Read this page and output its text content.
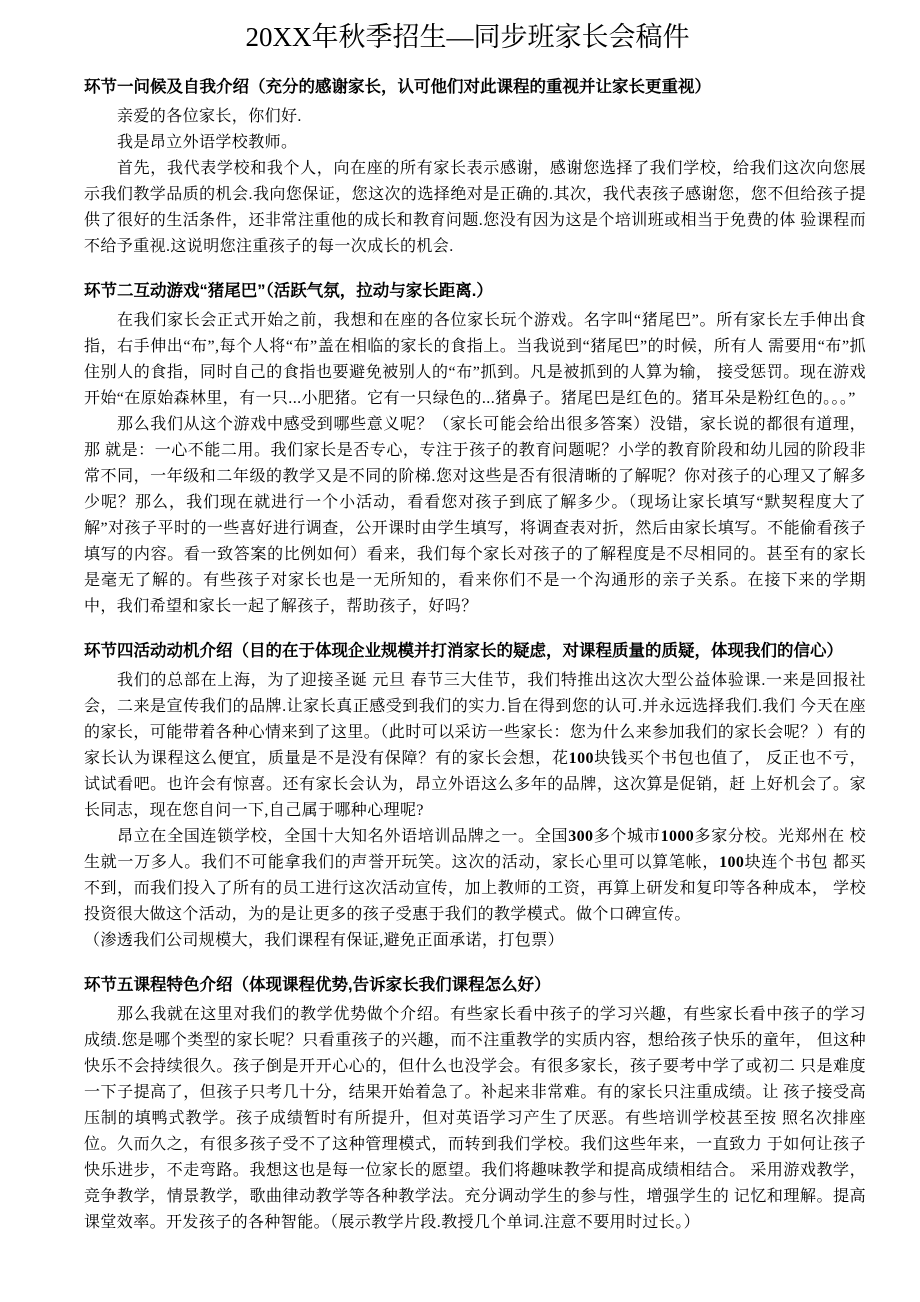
20XX年秋季招生—同步班家长会稿件
环节一问候及自我介绍（充分的感谢家长，认可他们对此课程的重视并让家长更重视）

亲爱的各位家长，你们好.

我是昂立外语学校教师。

首先，我代表学校和我个人，向在座的所有家长表示感谢，感谢您选择了我们学校，给我们这次向您展示我们教学品质的机会.我向您保证，您这次的选择绝对是正确的.其次，我代表孩子感谢您，您不但给孩子提供了很好的生活条件，还非常注重他的成长和教育问题.您没有因为这是个培训班或相当于免费的体 验课程而不给予重视.这说明您注重孩子的每一次成长的机会.

环节二互动游戏“猪尾巴”（活跃气氛，拉动与家长距离.）

在我们家长会正式开始之前，我想和在座的各位家长玩个游戏。名字叫“猪尾巴”。所有家长左手伸出食指，右手伸出“布”,每个人将“布”盖在相临的家长的食指上。当我说到“猪尾巴”的时候，所有人 需要用“布”抓住别人的食指，同时自己的食指也要避免被别人的“布”抓到。凡是被抓到的人算为输， 接受惩罚。现在游戏开始“在原始森林里，有一只...小肥猪。它有一只绿色的...猪鼻子。猪尾巴是红色的。猪耳朵是粉红色的。。。”

那么我们从这个游戏中感受到哪些意义呢？（家长可能会给出很多答案）没错，家长说的都很有道理，那 就是：一心不能二用。我们家长是否专心，专注于孩子的教育问题呢？小学的教育阶段和幼儿园的阶段非 常不同，一年级和二年级的教学又是不同的阶梯.您对这些是否有很清晰的了解呢？你对孩子的心理又了解多少呢？那么，我们现在就进行一个小活动，看看您对孩子到底了解多少。（现场让家长填写“默契程度大了解”对孩子平时的一些喜好进行调查，公开课时由学生填写，将调查表对折，然后由家长填写。不能偷看孩子填写的内容。看一致答案的比例如何）看来，我们每个家长对孩子的了解程度是不尽相同的。甚至有的家长是毫无了解的。有些孩子对家长也是一无所知的，看来你们不是一个沟通形的亲子关系。在接下来的学期中，我们希望和家长一起了解孩子，帮助孩子，好吗？

环节四活动动机介绍（目的在于体现企业规模并打消家长的疑虑，对课程质量的质疑，体现我们的信心）

我们的总部在上海，为了迎接圣诞 元旦 春节三大佳节，我们特推出这次大型公益体验课.一来是回报社会，二来是宣传我们的品牌.让家长真正感受到我们的实力.旨在得到您的认可.并永远选择我们.我们 今天在座的家长，可能带着各种心情来到了这里。（此时可以采访一些家长：您为什么来参加我们的家长会呢？）有的家长认为课程这么便宜，质量是不是没有保障？有的家长会想，花100块钱买个书包也值了， 反正也不亏，试试看吧。也许会有惊喜。还有家长会认为，昂立外语这么多年的品牌，这次算是促销，赶 上好机会了。家长同志，现在您自问一下,自己属于哪种心理呢?

昂立在全国连锁学校，全国十大知名外语培训品牌之一。全国300多个城市1000多家分校。光郑州在 校生就一万多人。我们不可能拿我们的声誉开玩笑。这次的活动，家长心里可以算笔帐，100块连个书包 都买不到，而我们投入了所有的员工进行这次活动宣传，加上教师的工资，再算上研发和复印等各种成本， 学校投资很大做这个活动，为的是让更多的孩子受惠于我们的教学模式。做个口碑宣传。

（渗透我们公司规模大，我们课程有保证,避免正面承诺，打包票）

环节五课程特色介绍（体现课程优势,告诉家长我们课程怎么好）

那么我就在这里对我们的教学优势做个介绍。有些家长看中孩子的学习兴趣，有些家长看中孩子的学习成绩.您是哪个类型的家长呢？只看重孩子的兴趣，而不注重教学的实质内容，想给孩子快乐的童年， 但这种快乐不会持续很久。孩子倒是开开心心的，但什么也没学会。有很多家长，孩子要考中学了或初二 只是难度一下子提高了，但孩子只考几十分，结果开始着急了。补起来非常难。有的家长只注重成绩。让 孩子接受高压制的填鸭式教学。孩子成绩暂时有所提升，但对英语学习产生了厌恶。有些培训学校甚至按 照名次排座位。久而久之，有很多孩子受不了这种管理模式，而转到我们学校。我们这些年来，一直致力 于如何让孩子快乐进步，不走弯路。我想这也是每一位家长的愿望。我们将趣味教学和提高成绩相结合。 采用游戏教学，竞争教学，情景教学，歌曲律动教学等各种教学法。充分调动学生的参与性，增强学生的 记忆和理解。提高课堂效率。开发孩子的各种智能。（展示教学片段.教授几个单词.注意不要用时过长。）
